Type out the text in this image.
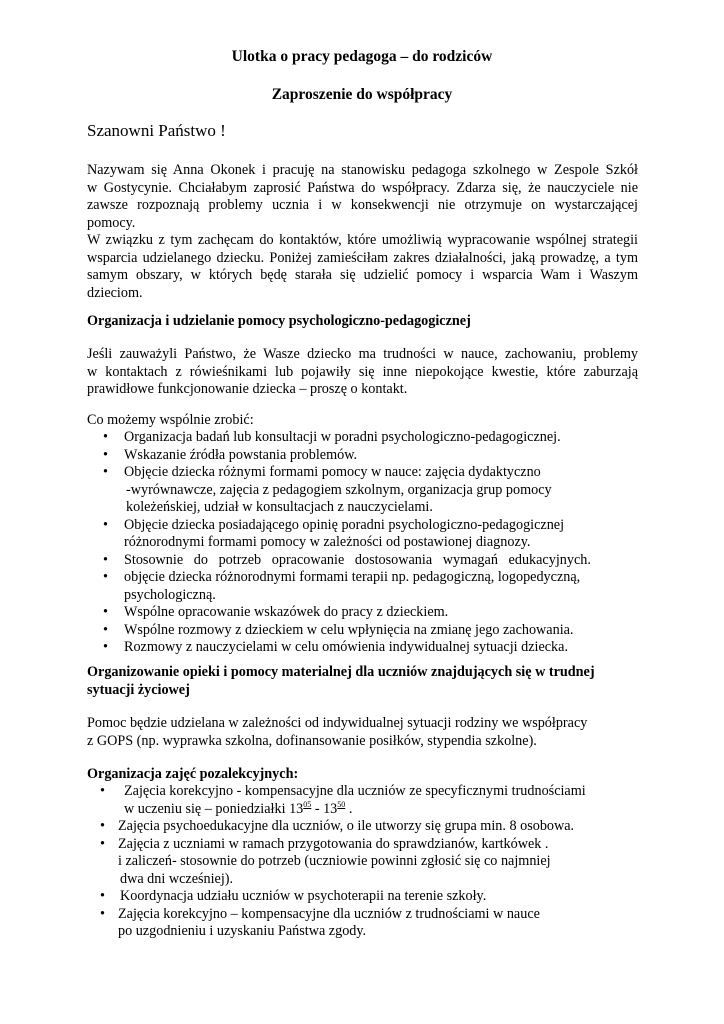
Ulotka o pracy pedagoga – do rodziców
Zaproszenie do współpracy
Szanowni Państwo !
Nazywam się Anna Okonek i pracuję na stanowisku pedagoga szkolnego w Zespole Szkół
w Gostycynie. Chciałabym zaprosić Państwa do współpracy. Zdarza się, że nauczyciele nie
zawsze rozpoznają problemy ucznia i w konsekwencji nie otrzymuje on wystarczającej
pomocy.
W związku z tym zachęcam do kontaktów, które umożliwią wypracowanie wspólnej strategii
wsparcia udzielanego dziecku. Poniżej zamieściłam zakres działalności, jaką prowadzę, a tym
samym obszary, w których będę starała się udzielić pomocy i wsparcia Wam i Waszym
dzieciom.
Organizacja i udzielanie pomocy psychologiczno-pedagogicznej
Jeśli zauważyli Państwo, że Wasze dziecko ma trudności w nauce, zachowaniu, problemy
w kontaktach z rówieśnikami lub pojawiły się inne niepokojące kwestie, które zaburzają
prawidłowe funkcjonowanie dziecka – proszę o kontakt.
Co możemy wspólnie zrobić:
• Organizacja badań lub konsultacji w poradni psychologiczno-pedagogicznej.
• Wskazanie źródła powstania problemów.
• Objęcie dziecka różnymi formami pomocy w nauce: zajęcia dydaktyczno
-wyrównawcze, zajęcia z pedagogiem szkolnym, organizacja grup pomocy
koleżeńskiej, udział w konsultacjach z nauczycielami.
• Objęcie dziecka posiadającego opinię poradni psychologiczno-pedagogicznej
różnorodnymi formami pomocy w zależności od postawionej diagnozy.
• Stosownie   do   potrzeb   opracowanie   dostosowania   wymagań   edukacyjnych.
• objęcie dziecka różnorodnymi formami terapii np. pedagogiczną, logopedyczną,
psychologiczną.
• Wspólne opracowanie wskazówek do pracy z dzieckiem.
• Wspólne rozmowy z dzieckiem w celu wpłynięcia na zmianę jego zachowania.
• Rozmowy z nauczycielami w celu omówienia indywidualnej sytuacji dziecka.
Organizowanie opieki i pomocy materialnej dla uczniów znajdujących się w trudnej
sytuacji życiowej
Pomoc będzie udzielana w zależności od indywidualnej sytuacji rodziny we współpracy
z GOPS (np. wyprawka szkolna, dofinansowanie posiłków, stypendia szkolne).
Organizacja zajęć pozalekcyjnych:
•	Zajęcia korekcyjno - kompensacyjne dla uczniów ze specyficznymi trudnościami
w uczeniu się – poniedziałki $13^{05} - 13^{50}$ .
• Zajęcia psychoedukacyjne dla uczniów, o ile utworzy się grupa min. 8 osobowa.
• Zajęcia z uczniami w ramach przygotowania do sprawdzianów, kartkówek .
i zaliczeń- stosownie do potrzeb (uczniowie powinni zgłosić się co najmniej
dwa dni wcześniej).
• Koordynacja udziału uczniów w psychoterapii na terenie szkoły.
• Zajęcia korekcyjno – kompensacyjne dla uczniów z trudnościami w nauce
po uzgodnieniu i uzyskaniu Państwa zgody.
